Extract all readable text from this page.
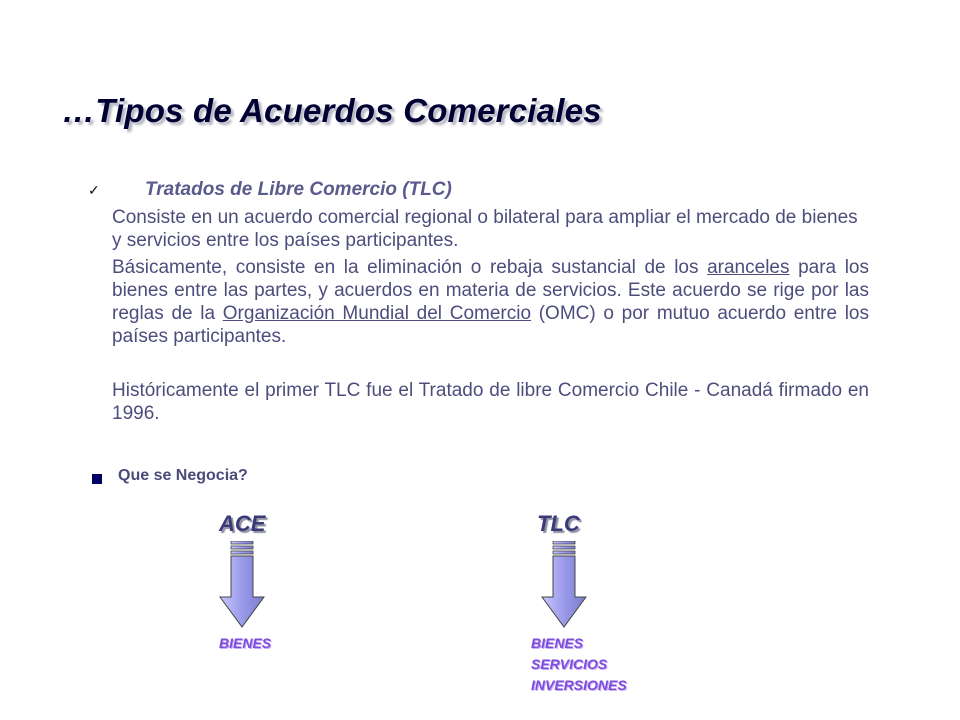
…Tipos de Acuerdos Comerciales
✓ Tratados de Libre Comercio (TLC)
Consiste en un acuerdo comercial regional o bilateral para ampliar el mercado de bienes y servicios entre los países participantes.
Básicamente, consiste en la eliminación o rebaja sustancial de los aranceles para los bienes entre las partes, y acuerdos en materia de servicios. Este acuerdo se rige por las reglas de la Organización Mundial del Comercio (OMC) o por mutuo acuerdo entre los países participantes.
Históricamente el primer TLC fue el Tratado de libre Comercio Chile - Canadá firmado en 1996.
Que se Negocia?
ACE	TLC
BIENES	BIENES
SERVICIOS
INVERSIONES
